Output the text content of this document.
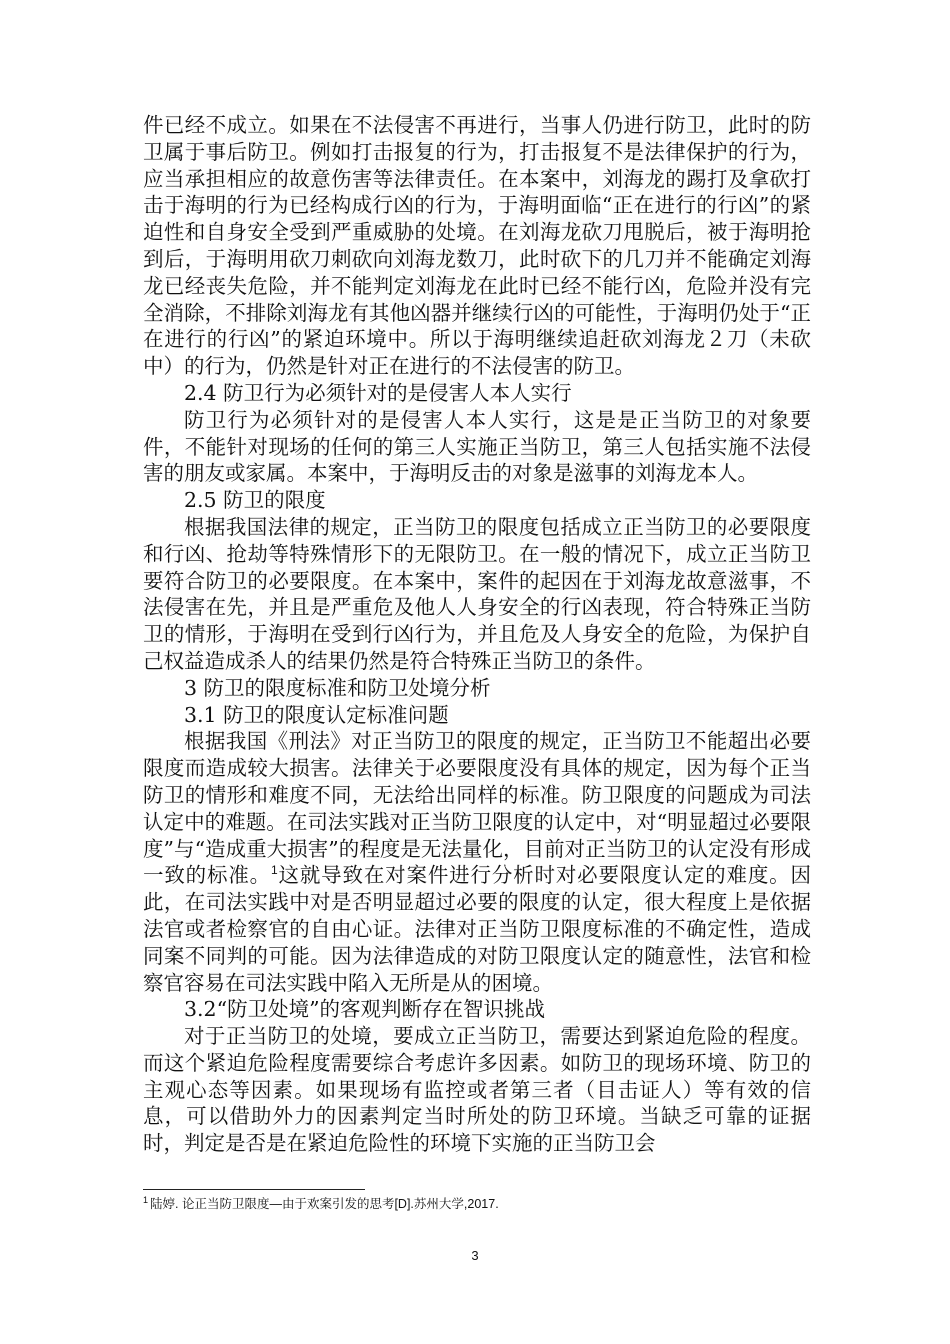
件已经不成立。如果在不法侵害不再进行，当事人仍进行防卫，此时的防卫属于事后防卫。例如打击报复的行为，打击报复不是法律保护的行为，应当承担相应的故意伤害等法律责任。在本案中，刘海龙的踢打及拿砍打击于海明的行为已经构成行凶的行为，于海明面临“正在进行的行凶”的紧迫性和自身安全受到严重威胁的处境。在刘海龙砍刀甩脱后，被于海明抢到后，于海明用砍刀刺砍向刘海龙数刀，此时砍下的几刀并不能确定刘海龙已经丧失危险，并不能判定刘海龙在此时已经不能行凶，危险并没有完全消除，不排除刘海龙有其他凶器并继续行凶的可能性，于海明仍处于“正在进行的行凶”的紧迫环境中。所以于海明继续追赶砍刘海龙２刀（未砍中）的行为，仍然是针对正在进行的不法侵害的防卫。

2.4 防卫行为必须针对的是侵害人本人实行

防卫行为必须针对的是侵害人本人实行，这是是正当防卫的对象要件，不能针对现场的任何的第三人实施正当防卫，第三人包括实施不法侵害的朋友或家属。本案中，于海明反击的对象是滋事的刘海龙本人。

2.5 防卫的限度

根据我国法律的规定，正当防卫的限度包括成立正当防卫的必要限度和行凶、抢劫等特殊情形下的无限防卫。在一般的情况下，成立正当防卫要符合防卫的必要限度。在本案中，案件的起因在于刘海龙故意滋事，不法侵害在先，并且是严重危及他人人身安全的行凶表现，符合特殊正当防卫的情形，于海明在受到行凶行为，并且危及人身安全的危险，为保护自己权益造成杀人的结果仍然是符合特殊正当防卫的条件。

3 防卫的限度标准和防卫处境分析

3.1 防卫的限度认定标准问题

根据我国《刑法》对正当防卫的限度的规定，正当防卫不能超出必要限度而造成较大损害。法律关于必要限度没有具体的规定，因为每个正当防卫的情形和难度不同，无法给出同样的标准。防卫限度的问题成为司法认定中的难题。在司法实践对正当防卫限度的认定中，对“明显超过必要限度”与“造成重大损害”的程度是无法量化，目前对正当防卫的认定没有形成一致的标准。$^1$这就导致在对案件进行分析时对必要限度认定的难度。因此，在司法实践中对是否明显超过必要的限度的认定，很大程度上是依据法官或者检察官的自由心证。法律对正当防卫限度标准的不确定性，造成同案不同判的可能。因为法律造成的对防卫限度认定的随意性，法官和检察官容易在司法实践中陷入无所是从的困境。

3.2“防卫处境”的客观判断存在智识挑战

对于正当防卫的处境，要成立正当防卫，需要达到紧迫危险的程度。而这个紧迫危险程度需要综合考虑许多因素。如防卫的现场环境、防卫的主观心态等因素。如果现场有监控或者第三者（目击证人）等有效的信息，可以借助外力的因素判定当时所处的防卫环境。当缺乏可靠的证据时，判定是否是在紧迫危险性的环境下实施的正当防卫会

$^1$ 陆婷. 论正当防卫限度—由于欢案引发的思考[D].苏州大学,2017.
3
